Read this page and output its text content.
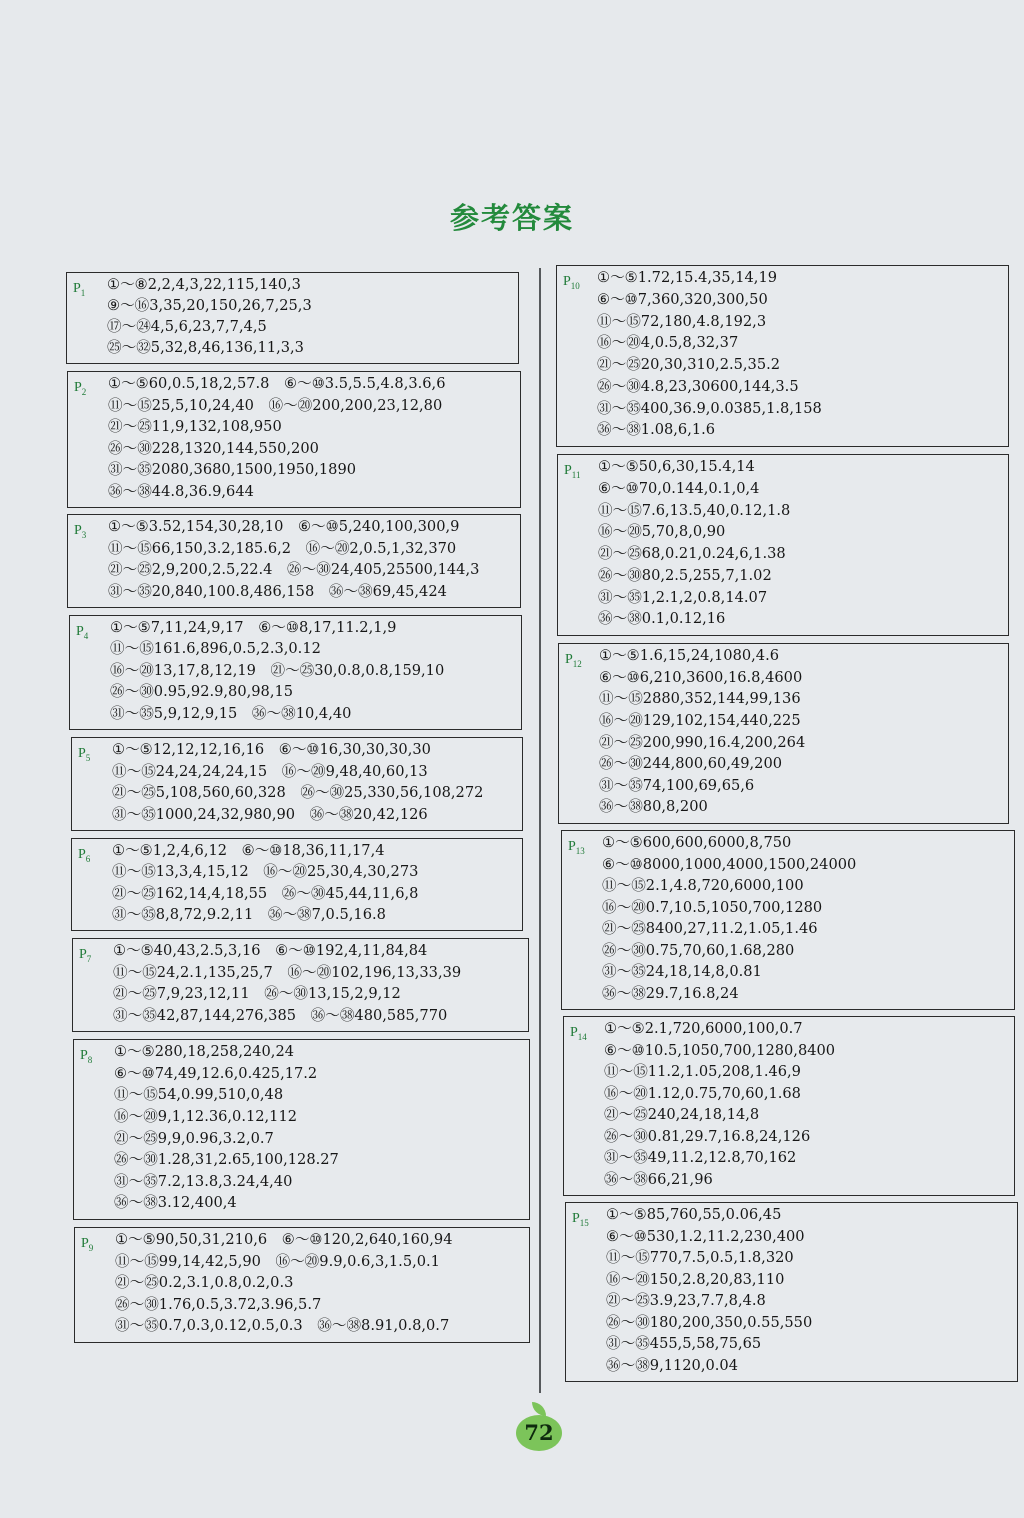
参考答案
$P_1$ ①～⑧2,2,4,3,22,115,140,3
⑨～⑯3,35,20,150,26,7,25,3
⑰～㉔4,5,6,23,7,7,4,5
㉕～㉜5,32,8,46,136,11,3,3
$P_2$ ①～⑤60,0.5,18,2,57.8　⑥～⑩3.5,5.5,4.8,3.6,6
⑪～⑮25,5,10,24,40　⑯～⑳200,200,23,12,80
㉑～㉕11,9,132,108,950
㉖～㉚228,1320,144,550,200
㉛～㉟2080,3680,1500,1950,1890
㊱～㊳44.8,36.9,644
$P_3$ ①～⑤3.52,154,30,28,10　⑥～⑩5,240,100,300,9
⑪～⑮66,150,3.2,185.6,2　⑯～⑳2,0.5,1,32,370
㉑～㉕2,9,200,2.5,22.4　㉖～㉚24,405,25500,144,3
㉛～㉟20,840,100.8,486,158　㊱～㊳69,45,424
$P_4$ ①～⑤7,11,24,9,17　⑥～⑩8,17,11.2,1,9
⑪～⑮161.6,896,0.5,2.3,0.12　
⑯～⑳13,17,8,12,19　㉑～㉕30,0.8,0.8,159,10
㉖～㉚0.95,92.9,80,98,15
㉛～㉟5,9,12,9,15　㊱～㊳10,4,40
$P_5$ ①～⑤12,12,12,16,16　⑥～⑩16,30,30,30,30
⑪～⑮24,24,24,24,15　⑯～⑳9,48,40,60,13
㉑～㉕5,108,560,60,328　㉖～㉚25,330,56,108,272
㉛～㉟1000,24,32,980,90　㊱～㊳20,42,126
$P_6$ ①～⑤1,2,4,6,12　⑥～⑩18,36,11,17,4
⑪～⑮13,3,4,15,12　⑯～⑳25,30,4,30,273
㉑～㉕162,14,4,18,55　㉖～㉚45,44,11,6,8
㉛～㉟8,8,72,9.2,11　㊱～㊳7,0.5,16.8
$P_7$ ①～⑤40,43,2.5,3,16　⑥～⑩192,4,11,84,84
⑪～⑮24,2.1,135,25,7　⑯～⑳102,196,13,33,39
㉑～㉕7,9,23,12,11　㉖～㉚13,15,2,9,12
㉛～㉟42,87,144,276,385　㊱～㊳480,585,770
$P_8$ ①～⑤280,18,258,240,24
⑥～⑩74,49,12.6,0.425,17.2
⑪～⑮54,0.99,510,0,48
⑯～⑳9,1,12.36,0.12,112
㉑～㉕9,9,0.96,3.2,0.7
㉖～㉚1.28,31,2.65,100,128.27
㉛～㉟7.2,13.8,3.24,4,40
㊱～㊳3.12,400,4
$P_9$ ①～⑤90,50,31,210,6　⑥～⑩120,2,640,160,94
⑪～⑮99,14,42,5,90　⑯～⑳9.9,0.6,3,1.5,0.1
㉑～㉕0.2,3.1,0.8,0.2,0.3
㉖～㉚1.76,0.5,3.72,3.96,5.7
㉛～㉟0.7,0.3,0.12,0.5,0.3　㊱～㊳8.91,0.8,0.7
$P_{10}$ ①～⑤1.72,15.4,35,14,19
⑥～⑩7,360,320,300,50
⑪～⑮72,180,4.8,192,3
⑯～⑳4,0.5,8,32,37
㉑～㉕20,30,310,2.5,35.2
㉖～㉚4.8,23,30600,144,3.5
㉛～㉟400,36.9,0.0385,1.8,158
㊱～㊳1.08,6,1.6
$P_{11}$ ①～⑤50,6,30,15.4,14
⑥～⑩70,0.144,0.1,0,4
⑪～⑮7.6,13.5,40,0.12,1.8
⑯～⑳5,70,8,0,90
㉑～㉕68,0.21,0.24,6,1.38
㉖～㉚80,2.5,255,7,1.02
㉛～㉟1,2.1,2,0.8,14.07
㊱～㊳0.1,0.12,16
$P_{12}$ ①～⑤1.6,15,24,1080,4.6
⑥～⑩6,210,3600,16.8,4600
⑪～⑮2880,352,144,99,136
⑯～⑳129,102,154,440,225
㉑～㉕200,990,16.4,200,264
㉖～㉚244,800,60,49,200
㉛～㉟74,100,69,65,6
㊱～㊳80,8,200
$P_{13}$ ①～⑤600,600,6000,8,750
⑥～⑩8000,1000,4000,1500,24000
⑪～⑮2.1,4.8,720,6000,100
⑯～⑳0.7,10.5,1050,700,1280
㉑～㉕8400,27,11.2,1.05,1.46
㉖～㉚0.75,70,60,1.68,280
㉛～㉟24,18,14,8,0.81
㊱～㊳29.7,16.8,24
$P_{14}$ ①～⑤2.1,720,6000,100,0.7
⑥～⑩10.5,1050,700,1280,8400
⑪～⑮11.2,1.05,208,1.46,9
⑯～⑳1.12,0.75,70,60,1.68
㉑～㉕240,24,18,14,8
㉖～㉚0.81,29.7,16.8,24,126
㉛～㉟49,11.2,12.8,70,162
㊱～㊳66,21,96
$P_{15}$ ①～⑤85,760,55,0.06,45
⑥～⑩530,1.2,11.2,230,400
⑪～⑮770,7.5,0.5,1.8,320
⑯～⑳150,2.8,20,83,110
㉑～㉕3.9,23,7.7,8,4.8
㉖～㉚180,200,350,0.55,550
㉛～㉟455,5,58,75,65
㊱～㊳9,1120,0.04
72
